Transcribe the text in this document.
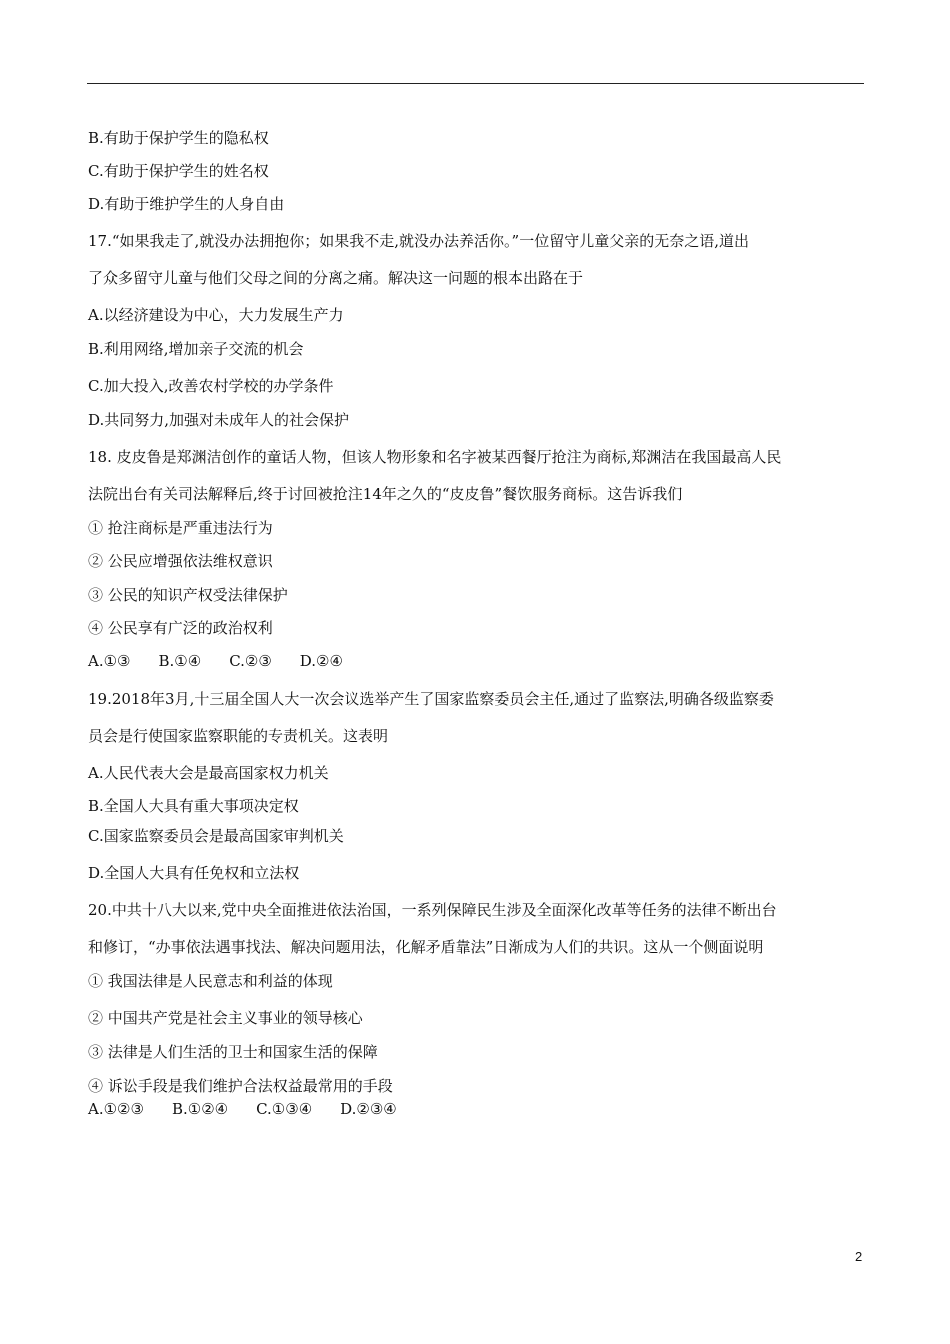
B.有助于保护学生的隐私权
C.有助于保护学生的姓名权
D.有助于维护学生的人身自由
17.“如果我走了,就没办法拥抱你；如果我不走,就没办法养活你。”一位留守儿童父亲的无奈之语,道出
了众多留守儿童与他们父母之间的分离之痛。解决这一问题的根本出路在于
A.以经济建设为中心，大力发展生产力
B.利用网络,增加亲子交流的机会
C.加大投入,改善农村学校的办学条件
D.共同努力,加强对未成年人的社会保护
18. 皮皮鲁是郑渊洁创作的童话人物，但该人物形象和名字被某西餐厅抢注为商标,郑渊洁在我国最高人民
法院出台有关司法解释后,终于讨回被抢注14年之久的“皮皮鲁”餐饮服务商标。这告诉我们
① 抢注商标是严重违法行为
② 公民应增强依法维权意识
③ 公民的知识产权受法律保护
④ 公民享有广泛的政治权利
A.①③ B.①④ C.②③ D.②④
19.2018年3月,十三届全国人大一次会议选举产生了国家监察委员会主任,通过了监察法,明确各级监察委
员会是行使国家监察职能的专责机关。这表明
A.人民代表大会是最高国家权力机关
B.全国人大具有重大事项决定权
C.国家监察委员会是最高国家审判机关
D.全国人大具有任免权和立法权
20.中共十八大以来,党中央全面推进依法治国，一系列保障民生涉及全面深化改革等任务的法律不断出台
和修订，“办事依法遇事找法、解决问题用法，化解矛盾靠法”日渐成为人们的共识。这从一个侧面说明
① 我国法律是人民意志和利益的体现
② 中国共产党是社会主义事业的领导核心
③ 法律是人们生活的卫士和国家生活的保障
④ 诉讼手段是我们维护合法权益最常用的手段
A.①②③ B.①②④ C.①③④ D.②③④
2
